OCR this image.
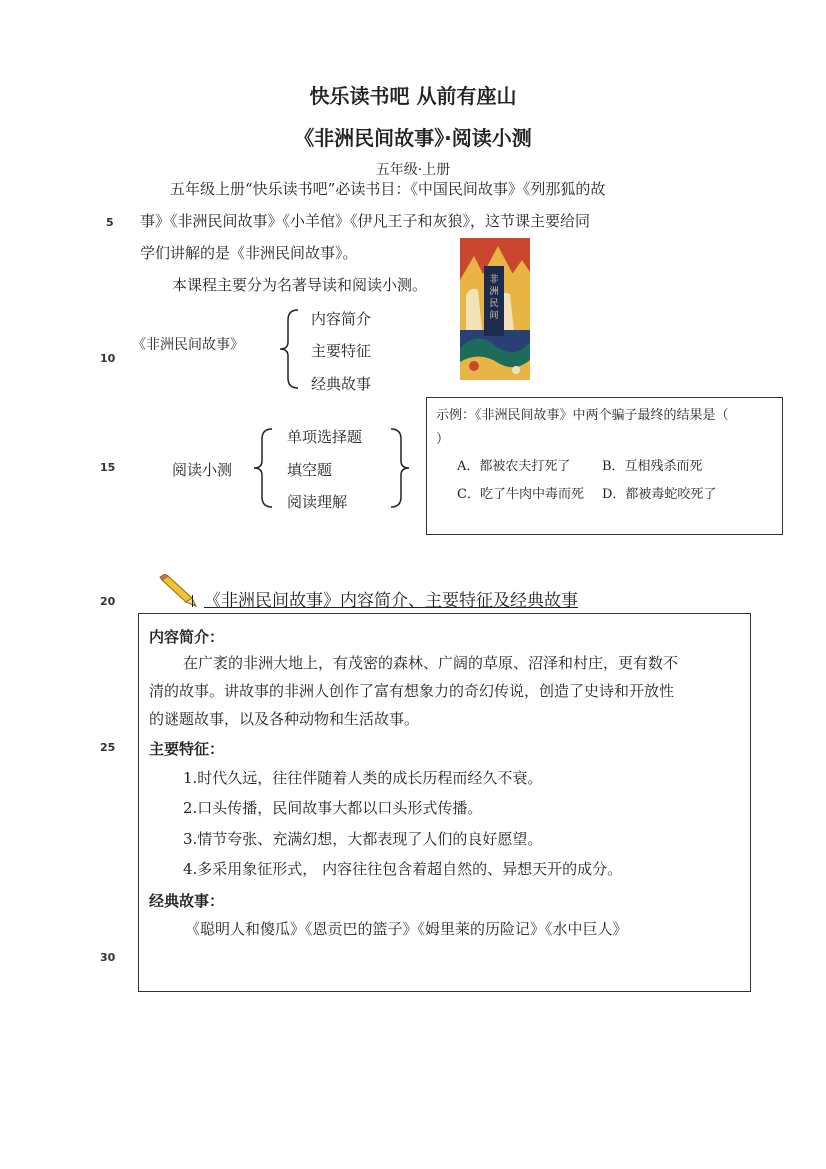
快乐读书吧 从前有座山
《非洲民间故事》·阅读小测
五年级·上册
5
10
15
20
25
30
五年级上册“快乐读书吧”必读书目：《中国民间故事》《列那狐的故
事》《非洲民间故事》《小羊倌》《伊凡王子和灰狼》，这节课主要给同
学们讲解的是《非洲民间故事》。
本课程主要分为名著导读和阅读小测。
《非洲民间故事》
内容简介
主要特征
经典故事
非
洲
民
间
阅读小测
单项选择题
填空题
阅读理解
示例：《非洲民间故事》中两个骗子最终的结果是（
）
A．都被农夫打死了 B．互相残杀而死
C．吃了牛肉中毒而死 D．都被毒蛇咬死了
《非洲民间故事》内容简介、主要特征及经典故事
内容简介：
在广袤的非洲大地上，有茂密的森林、广阔的草原、沼泽和村庄，更有数不
清的故事。讲故事的非洲人创作了富有想象力的奇幻传说，创造了史诗和开放性
的谜题故事，以及各种动物和生活故事。
主要特征：
1.时代久远，往往伴随着人类的成长历程而经久不衰。
2.口头传播，民间故事大都以口头形式传播。
3.情节夸张、充满幻想，大都表现了人们的良好愿望。
4.多采用象征形式， 内容往往包含着超自然的、异想天开的成分。
经典故事：
《聪明人和傻瓜》《恩贡巴的篮子》《姆里莱的历险记》《水中巨人》
